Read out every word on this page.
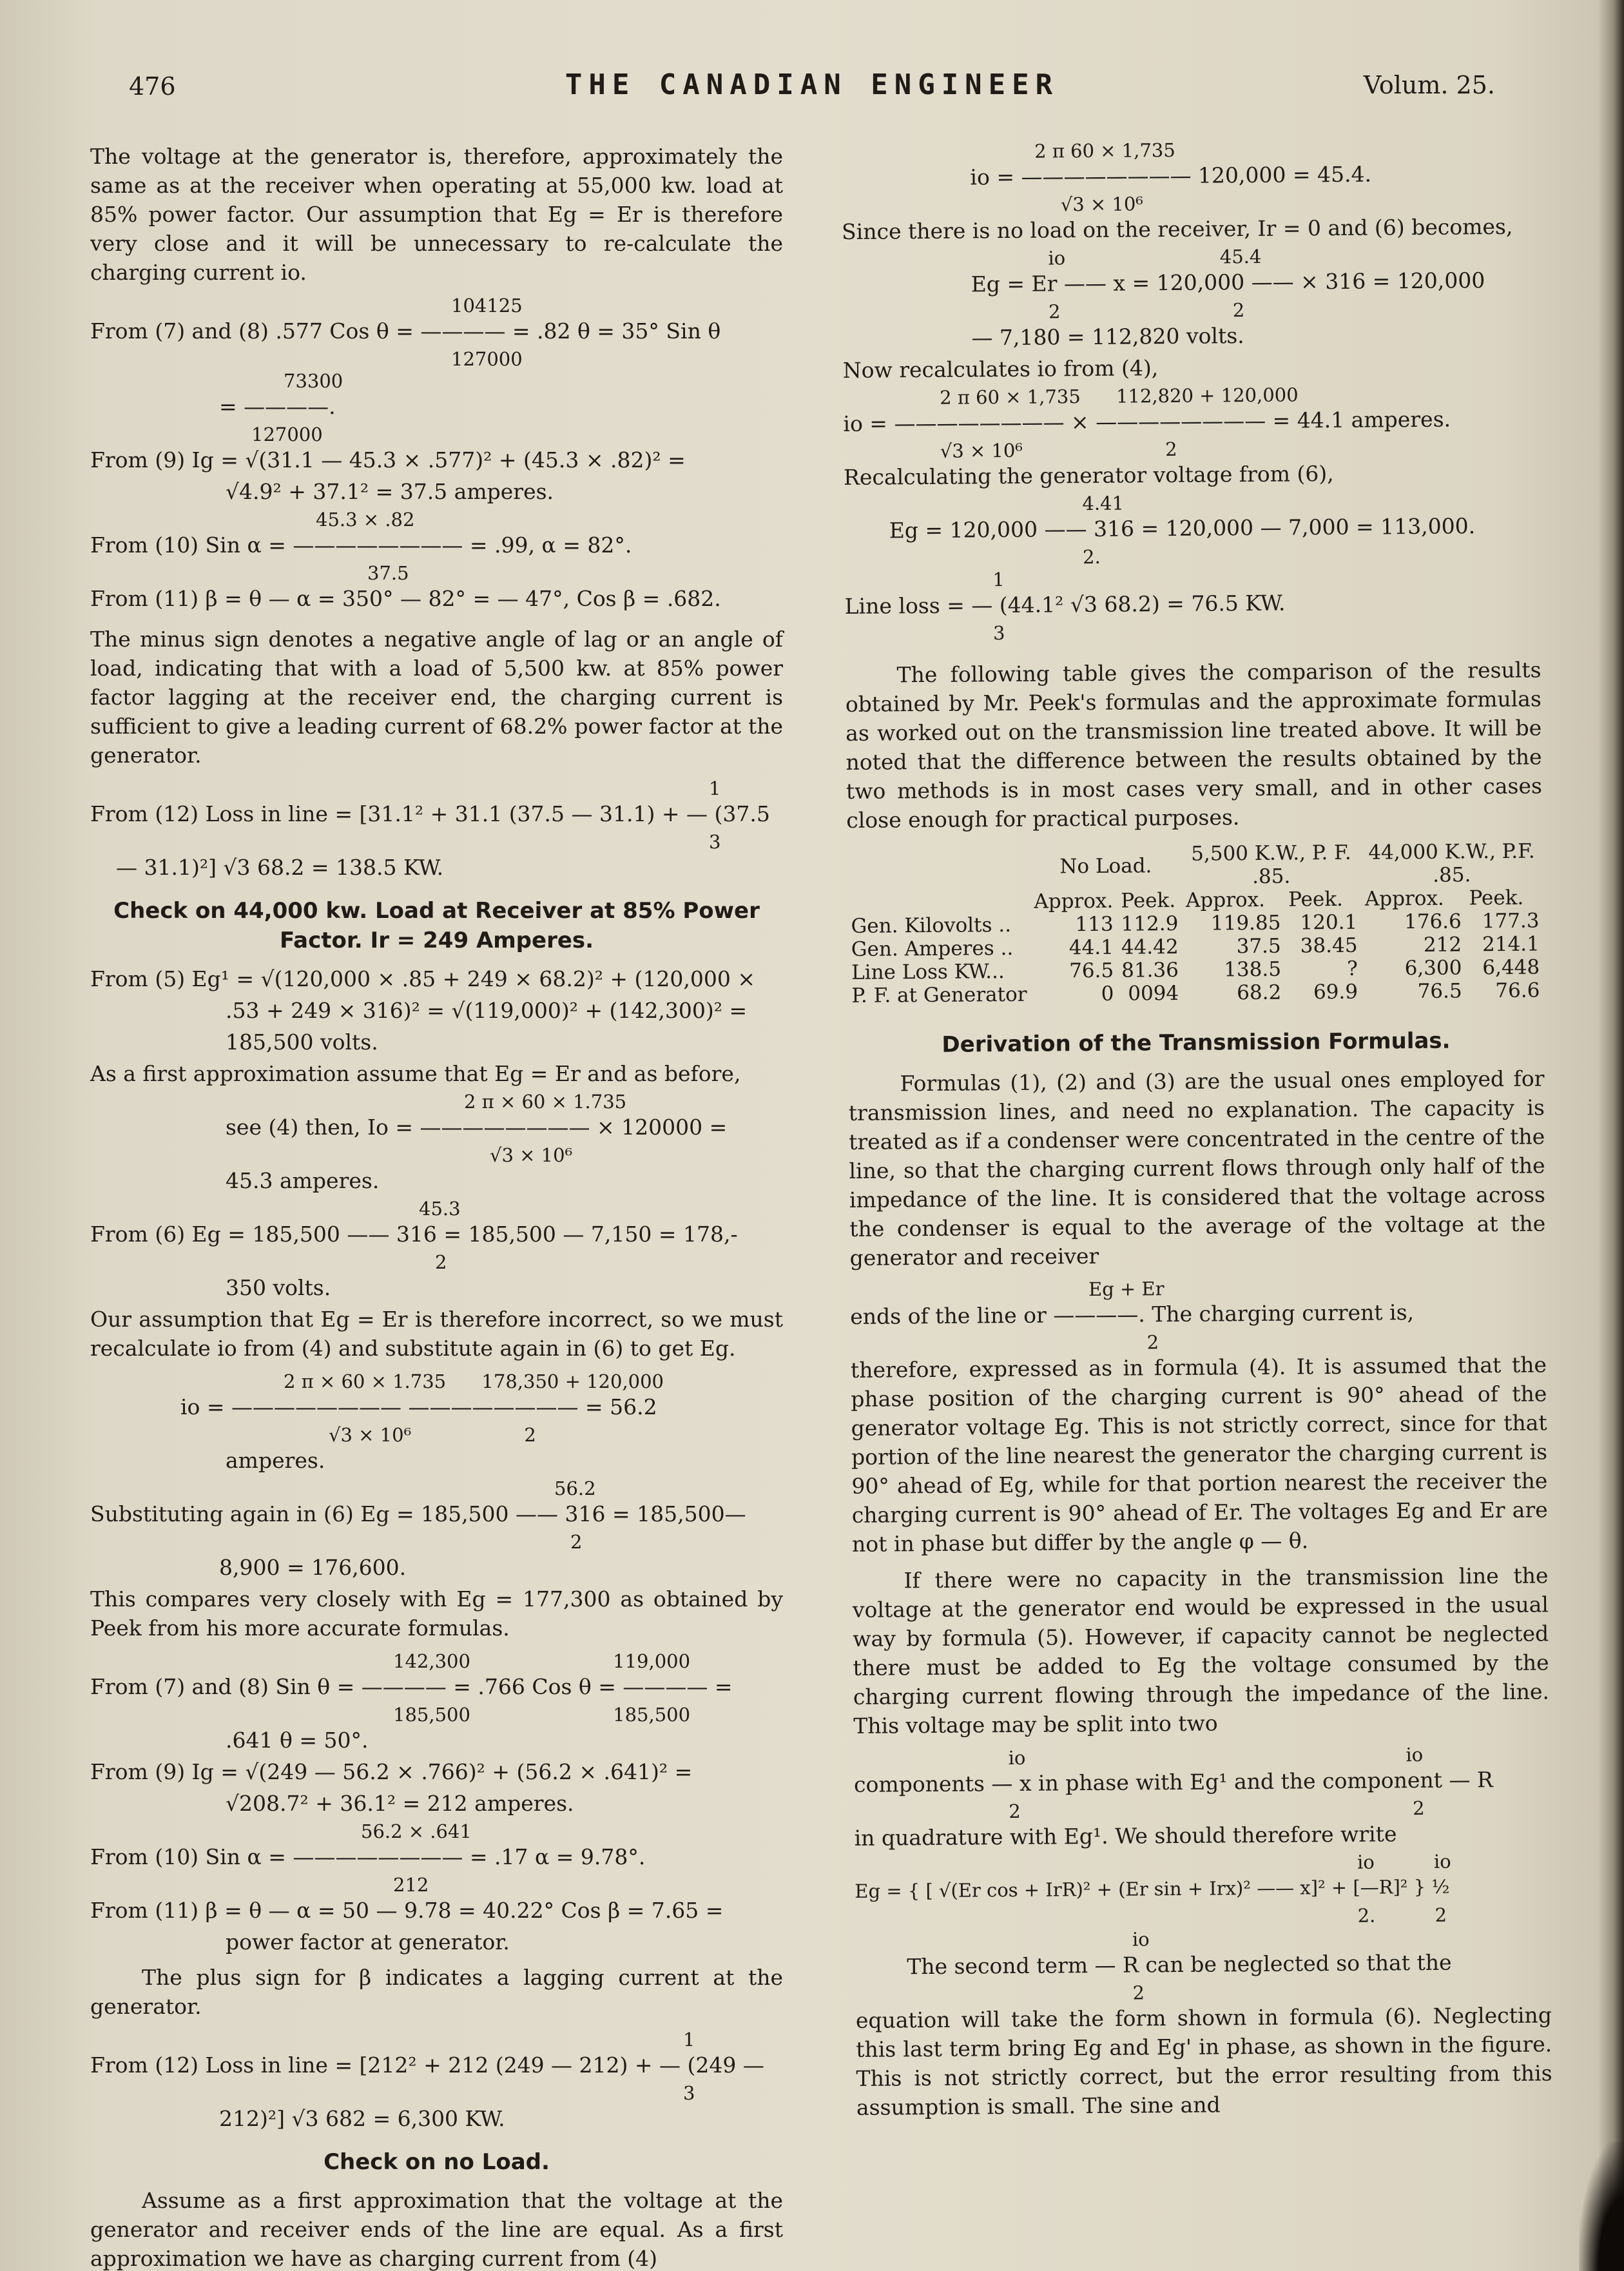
476	THE CANADIAN ENGINEER	Volum. 25.

The voltage at the generator is, therefore, approximately the same as at the receiver when operating at 55,000 kw. load at 85% power factor. Our assumption that Eg = Er is therefore very close and it will be unnecessary to re-calculate the charging current io.

104125
From (7) and (8) .577 Cos θ = ———— = .82 θ = 35° Sin θ
127000
73300
= ————.
127000
From (9) Ig = √(31.1 — 45.3 × .577)² + (45.3 × .82)² =
√4.9² + 37.1² = 37.5 amperes.
45.3 × .82
From (10) Sin α = ———————— = .99, α = 82°.
37.5
From (11) β = θ — α = 350° — 82° = — 47°, Cos β = .682.

The minus sign denotes a negative angle of lag or an angle of load, indicating that with a load of 5,500 kw. at 85% power factor lagging at the receiver end, the charging current is sufficient to give a leading current of 68.2% power factor at the generator.

1
From (12) Loss in line = [31.1² + 31.1 (37.5 — 31.1) + — (37.5
3
— 31.1)²] √3 68.2 = 138.5 KW.
Check on 44,000 kw. Load at Receiver at 85% Power Factor. Ir = 249 Amperes.
From (5) Eg¹ = √(120,000 × .85 + 249 × 68.2)² + (120,000 ×
.53 + 249 × 316)² = √(119,000)² + (142,300)² =
185,500 volts.
As a first approximation assume that Eg = Er and as before,
2 π × 60 × 1.735
see (4) then, Io = ———————— × 120000 =
√3 × 10⁶
45.3 amperes.
45.3
From (6) Eg = 185,500 —— 316 = 185,500 — 7,150 = 178,-
2
350 volts.

Our assumption that Eg = Er is therefore incorrect, so we must recalculate io from (4) and substitute again in (6) to get Eg.

2 π × 60 × 1.735      178,350 + 120,000
io = ———————— ———————— = 56.2
√3 × 10⁶                   2
amperes.
56.2
Substituting again in (6) Eg = 185,500 —— 316 = 185,500—
2
8,900 = 176,600.

This compares very closely with Eg = 177,300 as obtained by Peek from his more accurate formulas.

142,300                        119,000
From (7) and (8) Sin θ = ———— = .766 Cos θ = ———— =
185,500                        185,500
.641 θ = 50°.
From (9) Ig = √(249 — 56.2 × .766)² + (56.2 × .641)² =
√208.7² + 36.1² = 212 amperes.
56.2 × .641
From (10) Sin α = ———————— = .17 α = 9.78°.
212
From (11) β = θ — α = 50 — 9.78 = 40.22° Cos β = 7.65 =
power factor at generator.

The plus sign for β indicates a lagging current at the generator.

1
From (12) Loss in line = [212² + 212 (249 — 212) + — (249 —
3
212)²] √3 682 = 6,300 KW.
Check on no Load.

Assume as a first approximation that the voltage at the generator and receiver ends of the line are equal. As a first approximation we have as charging current from (4)

2 π 60 × 1,735
io = ———————— 120,000 = 45.4.
√3 × 10⁶
Since there is no load on the receiver, Ir = 0 and (6) becomes,
io                          45.4
Eg = Er —— x = 120,000 —— × 316 = 120,000
2                             2
— 7,180 = 112,820 volts.
Now recalculates io from (4),
2 π 60 × 1,735      112,820 + 120,000
io = ———————— × ———————— = 44.1 amperes.
√3 × 10⁶                        2
Recalculating the generator voltage from (6),
4.41
Eg = 120,000 —— 316 = 120,000 — 7,000 = 113,000.
2.
1
Line loss = — (44.1² √3 68.2) = 76.5 KW.
3

The following table gives the comparison of the results obtained by Mr. Peek's formulas and the approximate formulas as worked out on the transmission line treated above. It will be noted that the difference between the results obtained by the two methods is in most cases very small, and in other cases close enough for practical purposes.

	No Load.		5,500 K.W., P. F. .85.		44,000 K.W., P.F. .85.	
	Approx.	Peek.	Approx.	Peek.	Approx.	Peek.
Gen. Kilovolts ..	113	112.9	119.85	120.1	176.6	177.3
Gen. Amperes ..	44.1	44.42	37.5	38.45	212	214.1
Line Loss KW...	76.5	81.36	138.5	?	6,300	6,448
P. F. at Generator	0	0094	68.2	69.9	76.5	76.6
Derivation of the Transmission Formulas.

Formulas (1), (2) and (3) are the usual ones employed for transmission lines, and need no explanation. The capacity is treated as if a condenser were concentrated in the centre of the line, so that the charging current flows through only half of the impedance of the line. It is considered that the voltage across the condenser is equal to the average of the voltage at the generator and receiver

Eg + Er
ends of the line or ————. The charging current is,
2

therefore, expressed as in formula (4). It is assumed that the phase position of the charging current is 90° ahead of the generator voltage Eg. This is not strictly correct, since for that portion of the line nearest the generator the charging current is 90° ahead of Eg, while for that portion nearest the receiver the charging current is 90° ahead of Er. The voltages Eg and Er are not in phase but differ by the angle φ — θ.

If there were no capacity in the transmission line the voltage at the generator end would be expressed in the usual way by formula (5). However, if capacity cannot be neglected there must be added to Eg the voltage consumed by the charging current flowing through the impedance of the line. This voltage may be split into two

io                                                                io
components — x in phase with Eg¹ and the component — R
2                                                                  2
in quadrature with Eg¹. We should therefore write
io          io
Eg = { [ √(Er cos + IrR)² + (Er sin + Irx)² —— x]² + [—R]² } ½
2.          2
io
The second term — R can be neglected so that the
2

equation will take the form shown in formula (6). Neglecting this last term bring Eg and Eg' in phase, as shown in the figure. This is not strictly correct, but the error resulting from this assumption is small. The sine and
